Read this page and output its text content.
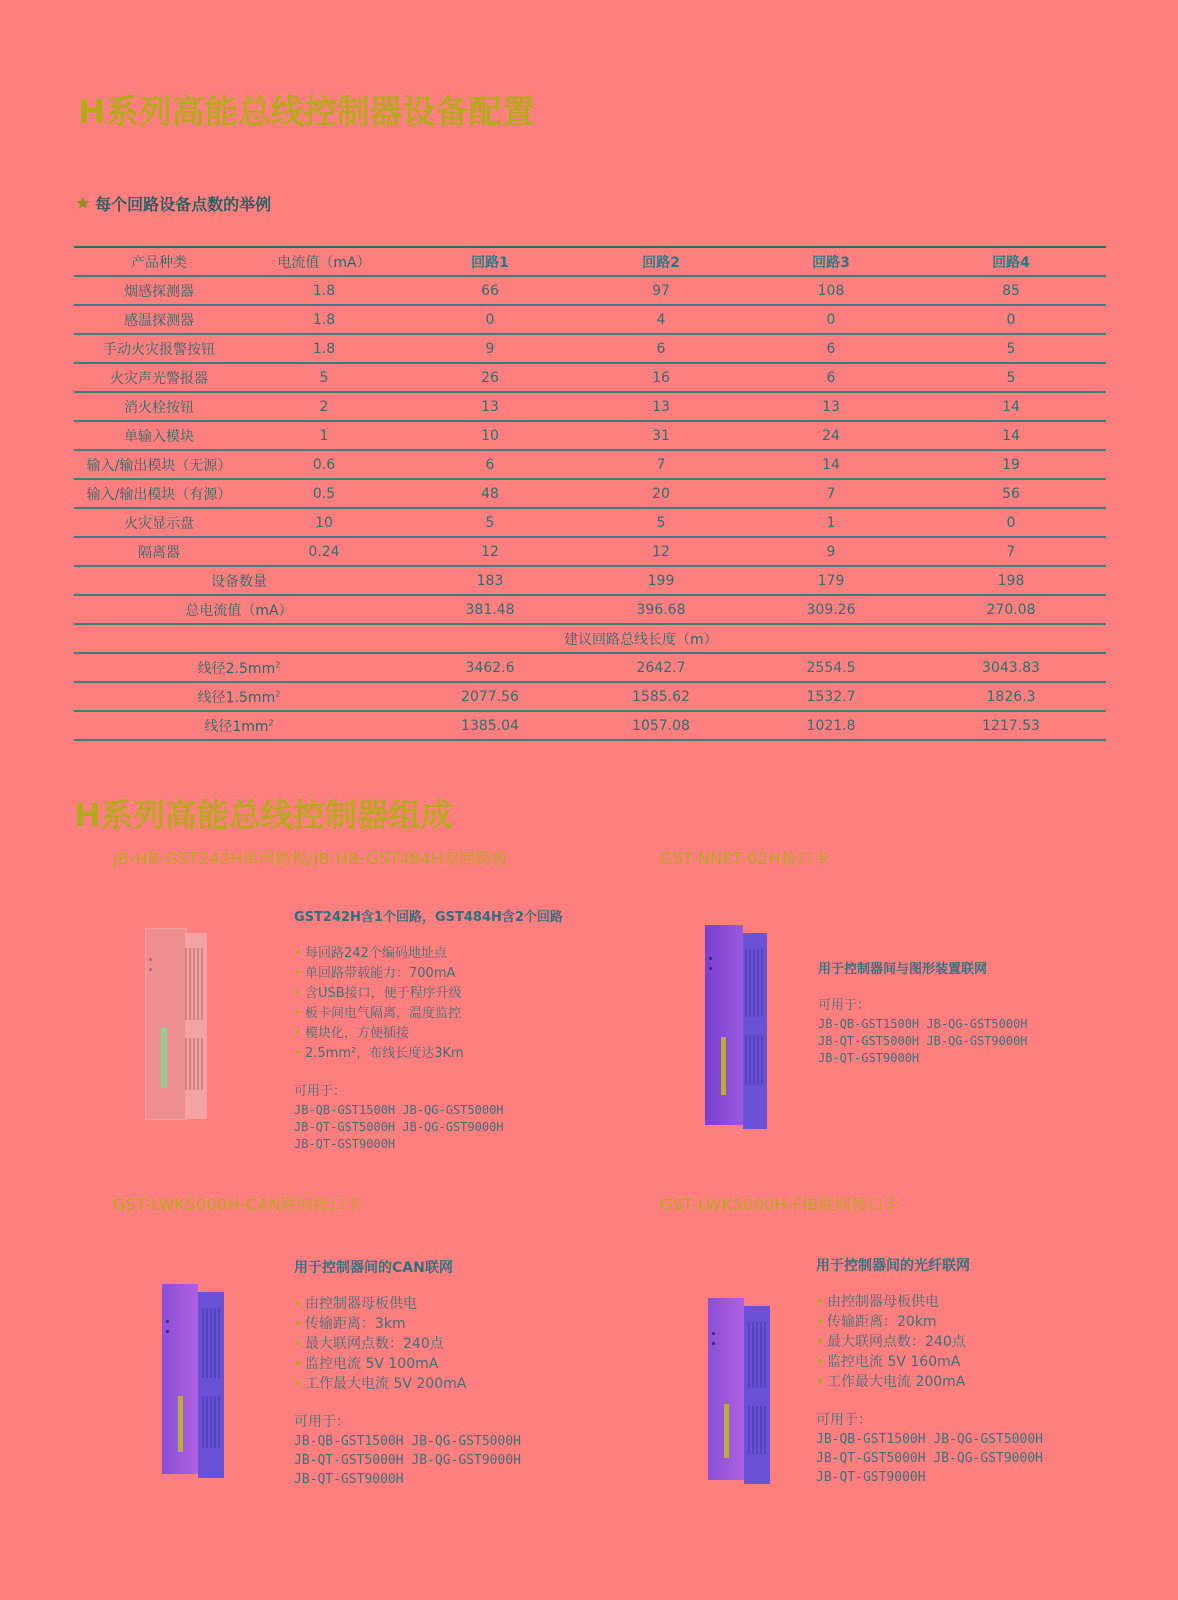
H系列高能总线控制器设备配置
★ 每个回路设备点数的举例
产品种类	电流值（mA）	回路1	回路2	回路3	回路4
烟感探测器	1.8	66	97	108	85
感温探测器	1.8	0	4	0	0
手动火灾报警按钮	1.8	9	6	6	5
火灾声光警报器	5	26	16	6	5
消火栓按钮	2	13	13	13	14
单输入模块	1	10	31	24	14
输入/输出模块（无源）	0.6	6	7	14	19
输入/输出模块（有源）	0.5	48	20	7	56
火灾显示盘	10	5	5	1	0
隔离器	0.24	12	12	9	7
设备数量		183	199	179	198
总电流值（mA）		381.48	396.68	309.26	270.08
		建议回路总线长度（m）			
线径$2.5mm^2$		3462.6	2642.7	2554.5	3043.83
线径$1.5mm^2$		2077.56	1585.62	1532.7	1826.3
线径$1mm^2$		1385.04	1057.08	1021.8	1217.53
H系列高能总线控制器组成
JB-HB-GST242H单回路板/JB-HB-GST484H双回路板
GST242H含1个回路，GST484H含2个回路
• 每回路242个编码地址点
• 单回路带载能力：700mA
• 含USB接口，便于程序升级
• 板卡间电气隔离，温度监控
• 模块化，方便插接
• 2.5mm²，布线长度达3Km
可用于：
JB-QB-GST1500H JB-QG-GST5000H
JB-QT-GST5000H JB-QG-GST9000H
JB-QT-GST9000H
GST-NNET-02H接口卡
用于控制器间与图形装置联网
可用于：
JB-QB-GST1500H JB-QG-GST5000H
JB-QT-GST5000H JB-QG-GST9000H
JB-QT-GST9000H
GST-LWK5000H-CAN联网接口卡
用于控制器间的CAN联网
• 由控制器母板供电
• 传输距离：3km
• 最大联网点数：240点
• 监控电流 5V 100mA
• 工作最大电流 5V 200mA
可用于：
JB-QB-GST1500H JB-QG-GST5000H
JB-QT-GST5000H JB-QG-GST9000H
JB-QT-GST9000H
GST-LWK5000H-FIB联网接口卡
用于控制器间的光纤联网
• 由控制器母板供电
• 传输距离：20km
• 最大联网点数：240点
• 监控电流 5V 160mA
• 工作最大电流 200mA
可用于：
JB-QB-GST1500H JB-QG-GST5000H
JB-QT-GST5000H JB-QG-GST9000H
JB-QT-GST9000H
